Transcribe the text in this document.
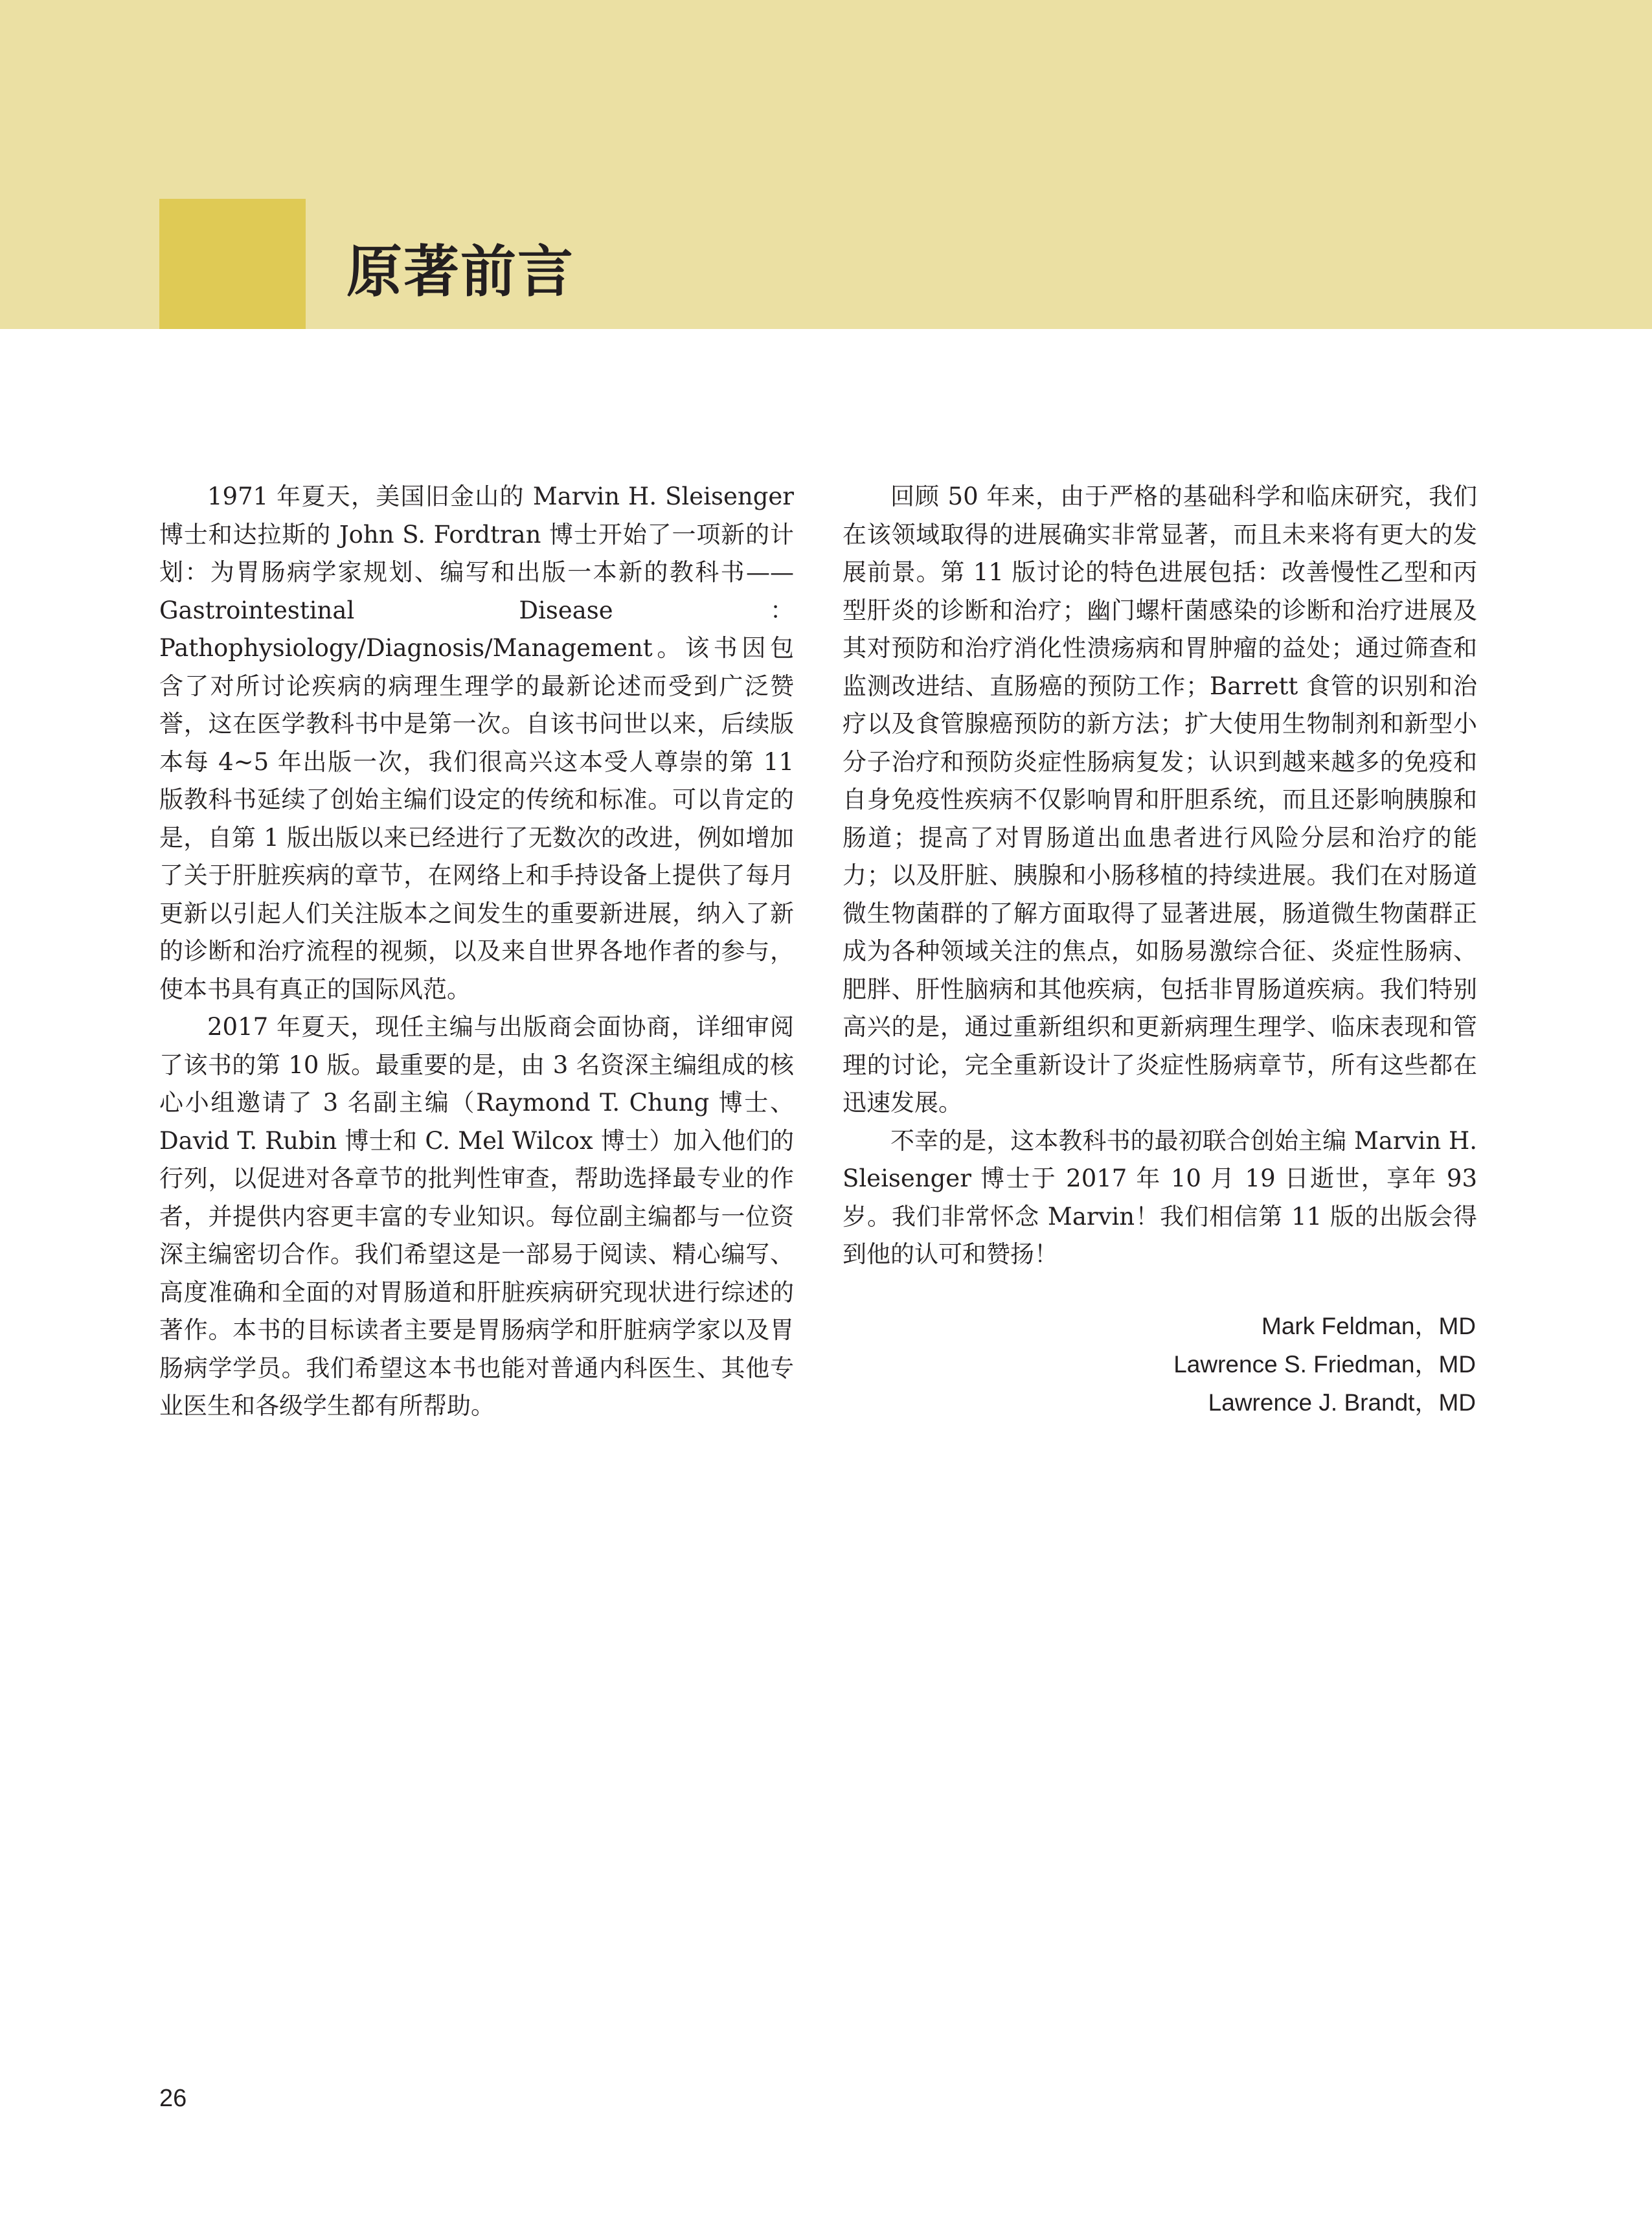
原著前言

1971 年夏天，美国旧金山的 Marvin H. Sleisenger 博士和达拉斯的 John S. Fordtran 博士开始了一项新的计划：为胃肠病学家规划、编写和出版一本新的教科书——Gastrointestinal Disease：Pathophysiology/Diagnosis/Management。该书因包含了对所讨论疾病的病理生理学的最新论述而受到广泛赞誉，这在医学教科书中是第一次。自该书问世以来，后续版本每 4~5 年出版一次，我们很高兴这本受人尊崇的第 11 版教科书延续了创始主编们设定的传统和标准。可以肯定的是，自第 1 版出版以来已经进行了无数次的改进，例如增加了关于肝脏疾病的章节，在网络上和手持设备上提供了每月更新以引起人们关注版本之间发生的重要新进展，纳入了新的诊断和治疗流程的视频，以及来自世界各地作者的参与，使本书具有真正的国际风范。

2017 年夏天，现任主编与出版商会面协商，详细审阅了该书的第 10 版。最重要的是，由 3 名资深主编组成的核心小组邀请了 3 名副主编（Raymond T. Chung 博士、David T. Rubin 博士和 C. Mel Wilcox 博士）加入他们的行列，以促进对各章节的批判性审查，帮助选择最专业的作者，并提供内容更丰富的专业知识。每位副主编都与一位资深主编密切合作。我们希望这是一部易于阅读、精心编写、高度准确和全面的对胃肠道和肝脏疾病研究现状进行综述的著作。本书的目标读者主要是胃肠病学和肝脏病学家以及胃肠病学学员。我们希望这本书也能对普通内科医生、其他专业医生和各级学生都有所帮助。

回顾 50 年来，由于严格的基础科学和临床研究，我们在该领域取得的进展确实非常显著，而且未来将有更大的发展前景。第 11 版讨论的特色进展包括：改善慢性乙型和丙型肝炎的诊断和治疗；幽门螺杆菌感染的诊断和治疗进展及其对预防和治疗消化性溃疡病和胃肿瘤的益处；通过筛查和监测改进结、直肠癌的预防工作；Barrett 食管的识别和治疗以及食管腺癌预防的新方法；扩大使用生物制剂和新型小分子治疗和预防炎症性肠病复发；认识到越来越多的免疫和自身免疫性疾病不仅影响胃和肝胆系统，而且还影响胰腺和肠道；提高了对胃肠道出血患者进行风险分层和治疗的能力；以及肝脏、胰腺和小肠移植的持续进展。我们在对肠道微生物菌群的了解方面取得了显著进展，肠道微生物菌群正成为各种领域关注的焦点，如肠易激综合征、炎症性肠病、肥胖、肝性脑病和其他疾病，包括非胃肠道疾病。我们特别高兴的是，通过重新组织和更新病理生理学、临床表现和管理的讨论，完全重新设计了炎症性肠病章节，所有这些都在迅速发展。

不幸的是，这本教科书的最初联合创始主编 Marvin H. Sleisenger 博士于 2017 年 10 月 19 日逝世，享年 93 岁。我们非常怀念 Marvin！我们相信第 11 版的出版会得到他的认可和赞扬！

Mark Feldman，MD
Lawrence S. Friedman，MD
Lawrence J. Brandt，MD
26
